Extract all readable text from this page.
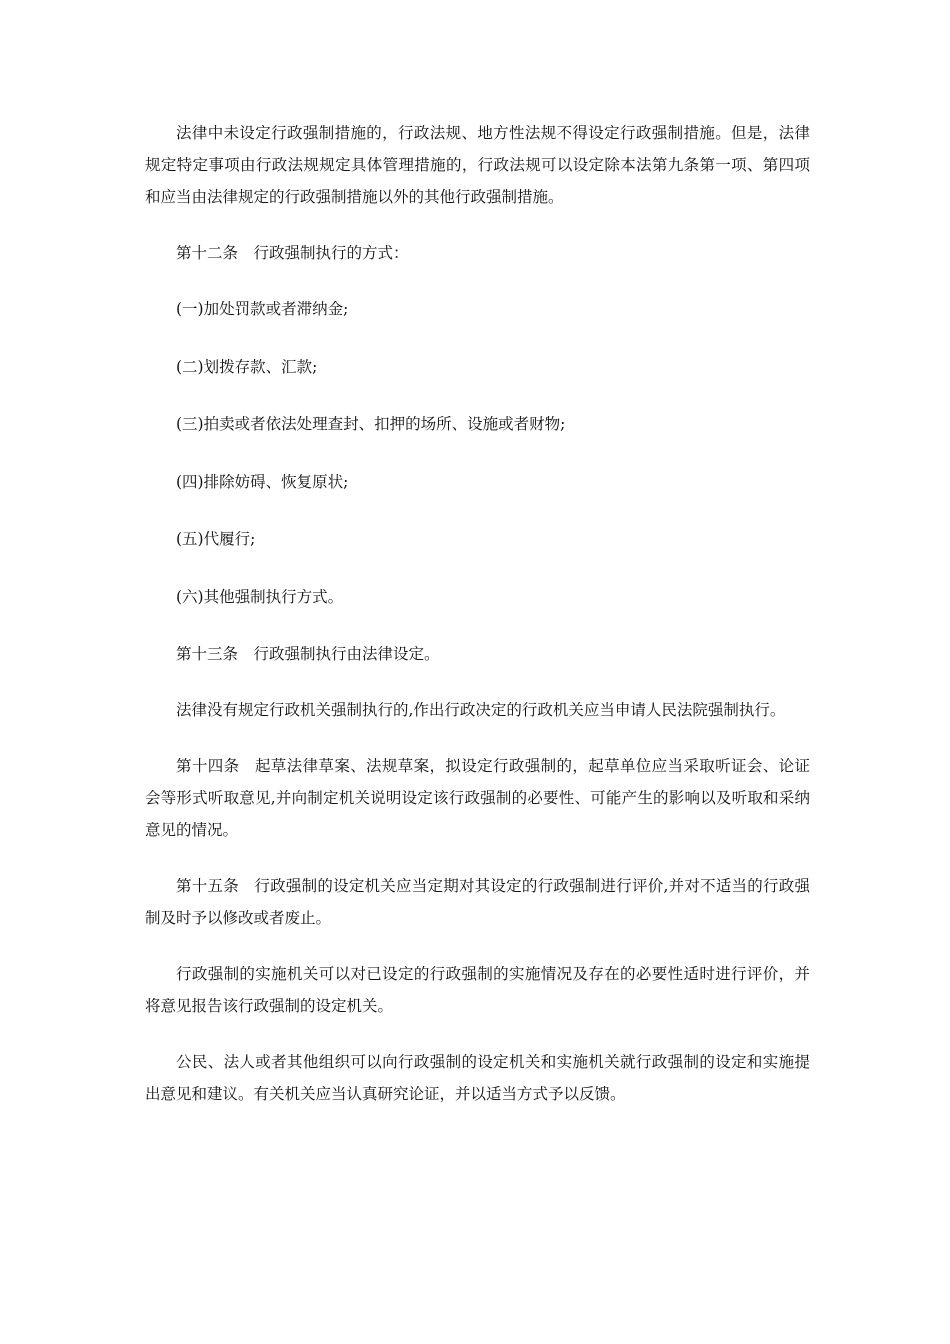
法律中未设定行政强制措施的，行政法规、地方性法规不得设定行政强制措施。但是，法律规定特定事项由行政法规规定具体管理措施的，行政法规可以设定除本法第九条第一项、第四项和应当由法律规定的行政强制措施以外的其他行政强制措施。

第十二条 行政强制执行的方式：

(一)加处罚款或者滞纳金;

(二)划拨存款、汇款;

(三)拍卖或者依法处理查封、扣押的场所、设施或者财物;

(四)排除妨碍、恢复原状;

(五)代履行;

(六)其他强制执行方式。

第十三条 行政强制执行由法律设定。

法律没有规定行政机关强制执行的,作出行政决定的行政机关应当申请人民法院强制执行。

第十四条 起草法律草案、法规草案，拟设定行政强制的，起草单位应当采取听证会、论证会等形式听取意见,并向制定机关说明设定该行政强制的必要性、可能产生的影响以及听取和采纳意见的情况。

第十五条 行政强制的设定机关应当定期对其设定的行政强制进行评价,并对不适当的行政强制及时予以修改或者废止。

行政强制的实施机关可以对已设定的行政强制的实施情况及存在的必要性适时进行评价，并将意见报告该行政强制的设定机关。

公民、法人或者其他组织可以向行政强制的设定机关和实施机关就行政强制的设定和实施提出意见和建议。有关机关应当认真研究论证，并以适当方式予以反馈。
